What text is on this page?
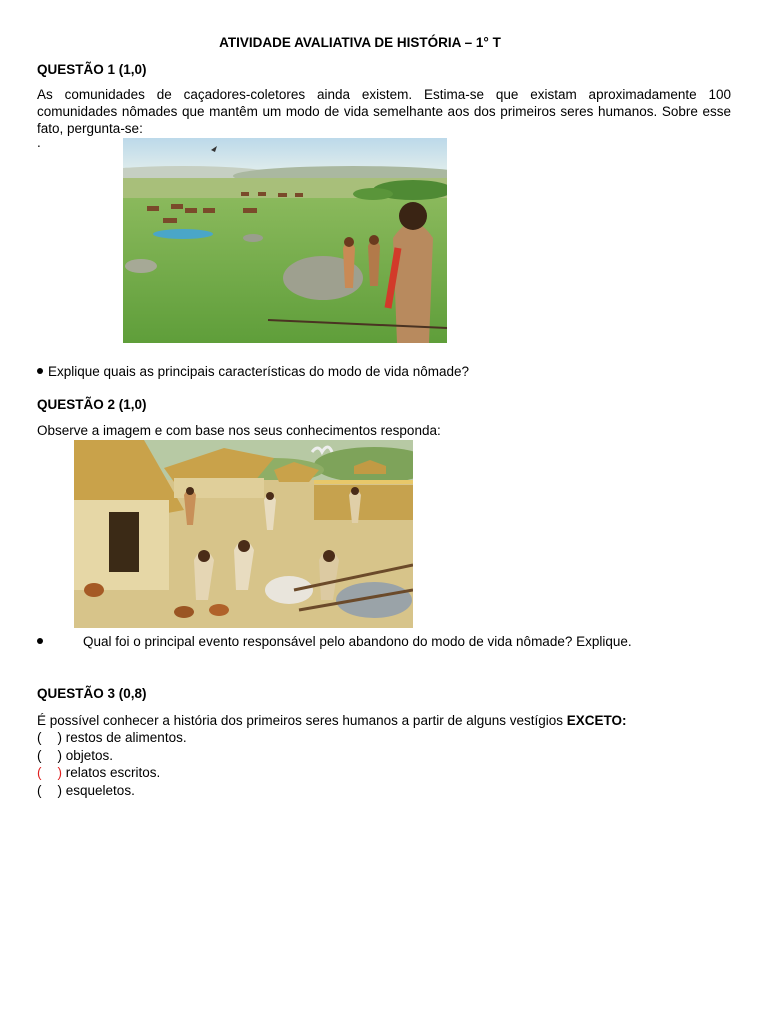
ATIVIDADE AVALIATIVA DE HISTÓRIA – 1° T
QUESTÃO 1 (1,0)
As comunidades de caçadores-coletores ainda existem. Estima-se que existam aproximadamente 100 comunidades nômades que mantêm um modo de vida semelhante aos dos primeiros seres humanos. Sobre esse fato, pergunta-se:
.
Explique quais as principais características do modo de vida nômade?
QUESTÃO 2 (1,0)
Observe a imagem e com base nos seus conhecimentos responda:
Qual foi o principal evento responsável pelo abandono do modo de vida nômade? Explique.
QUESTÃO 3 (0,8)
É possível conhecer a história dos primeiros seres humanos a partir de alguns vestígios EXCETO:
( ) restos de alimentos.
( ) objetos.
( ) relatos escritos.
( ) esqueletos.
